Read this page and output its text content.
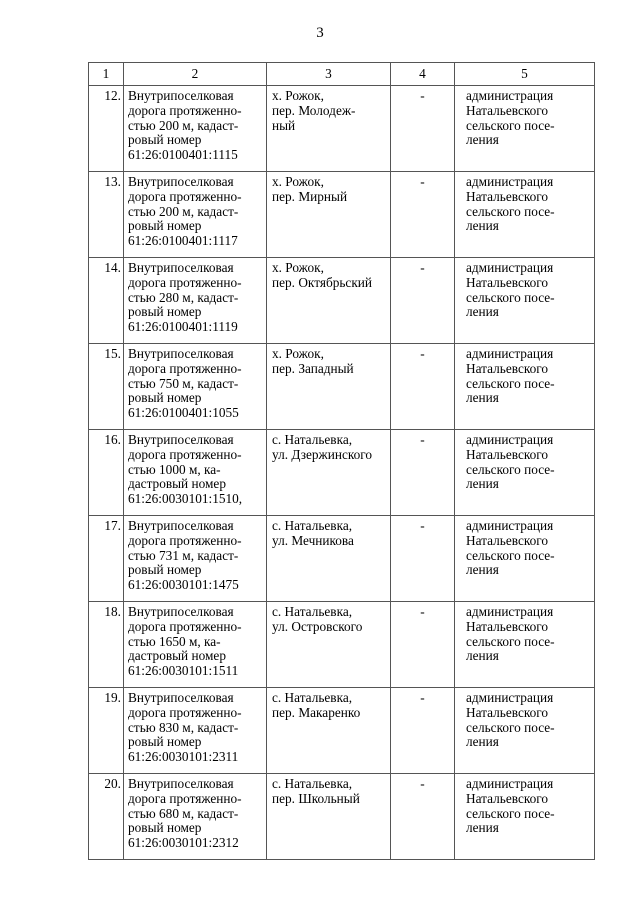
3
1	2	3	4	5
12.	Внутрипоселковая
дорога протяженно-
стью 200 м, кадаст-
ровый номер
61:26:0100401:1115	х. Рожок,
пер. Молодеж-
ный	-	администрация
Натальевского
сельского посе-
ления
13.	Внутрипоселковая
дорога протяженно-
стью 200 м, кадаст-
ровый номер
61:26:0100401:1117	х. Рожок,
пер. Мирный	-	администрация
Натальевского
сельского посе-
ления
14.	Внутрипоселковая
дорога протяженно-
стью 280 м, кадаст-
ровый номер
61:26:0100401:1119	х. Рожок,
пер. Октябрьский	-	администрация
Натальевского
сельского посе-
ления
15.	Внутрипоселковая
дорога протяженно-
стью 750 м, кадаст-
ровый номер
61:26:0100401:1055	х. Рожок,
пер. Западный	-	администрация
Натальевского
сельского посе-
ления
16.	Внутрипоселковая
дорога протяженно-
стью 1000 м, ка-
дастровый номер
61:26:0030101:1510,	с. Натальевка,
ул. Дзержинского	-	администрация
Натальевского
сельского посе-
ления
17.	Внутрипоселковая
дорога протяженно-
стью 731 м, кадаст-
ровый номер
61:26:0030101:1475	с. Натальевка,
ул. Мечникова	-	администрация
Натальевского
сельского посе-
ления
18.	Внутрипоселковая
дорога протяженно-
стью 1650 м, ка-
дастровый номер
61:26:0030101:1511	с. Натальевка,
ул. Островского	-	администрация
Натальевского
сельского посе-
ления
19.	Внутрипоселковая
дорога протяженно-
стью 830 м, кадаст-
ровый номер
61:26:0030101:2311	с. Натальевка,
пер. Макаренко	-	администрация
Натальевского
сельского посе-
ления
20.	Внутрипоселковая
дорога протяженно-
стью 680 м, кадаст-
ровый номер
61:26:0030101:2312	с. Натальевка,
пер. Школьный	-	администрация
Натальевского
сельского посе-
ления
